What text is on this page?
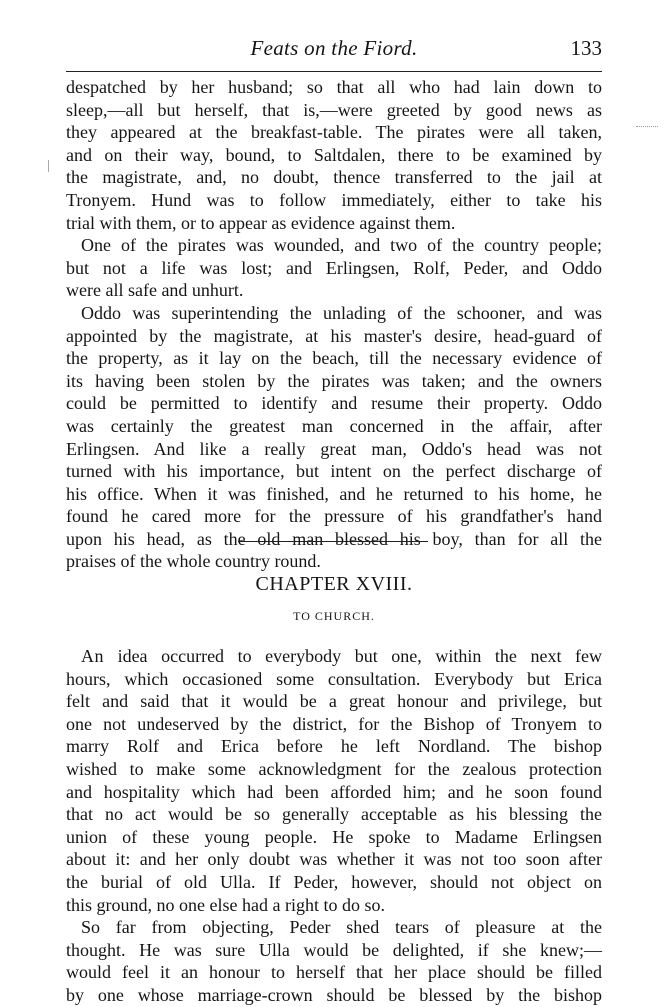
Feats on the Fiord.	133

despatched by her husband; so that all who had lain down to
sleep,—all but herself, that is,—were greeted by good news as
they appeared at the breakfast-table. The pirates were all taken,
and on their way, bound, to Saltdalen, there to be examined by
the magistrate, and, no doubt, thence transferred to the jail at
Tronyem. Hund was to follow immediately, either to take his
trial with them, or to appear as evidence against them.

One of the pirates was wounded, and two of the country people;
but not a life was lost; and Erlingsen, Rolf, Peder, and Oddo
were all safe and unhurt.

Oddo was superintending the unlading of the schooner, and was
appointed by the magistrate, at his master's desire, head-guard of
the property, as it lay on the beach, till the necessary evidence of
its having been stolen by the pirates was taken; and the owners
could be permitted to identify and resume their property. Oddo
was certainly the greatest man concerned in the affair, after
Erlingsen. And like a really great man, Oddo's head was not
turned with his importance, but intent on the perfect discharge of
his office. When it was finished, and he returned to his home, he
found he cared more for the pressure of his grandfather's hand
upon his head, as the old man blessed his boy, than for all the
praises of the whole country round.

CHAPTER XVIII.
TO CHURCH.

An idea occurred to everybody but one, within the next few
hours, which occasioned some consultation. Everybody but Erica
felt and said that it would be a great honour and privilege, but
one not undeserved by the district, for the Bishop of Tronyem to
marry Rolf and Erica before he left Nordland. The bishop
wished to make some acknowledgment for the zealous protection
and hospitality which had been afforded him; and he soon found
that no act would be so generally acceptable as his blessing the
union of these young people. He spoke to Madame Erlingsen
about it: and her only doubt was whether it was not too soon after
the burial of old Ulla. If Peder, however, should not object on
this ground, no one else had a right to do so.

So far from objecting, Peder shed tears of pleasure at the
thought. He was sure Ulla would be delighted, if she knew;—
would feel it an honour to herself that her place should be filled
by one whose marriage-crown should be blessed by the bishop
